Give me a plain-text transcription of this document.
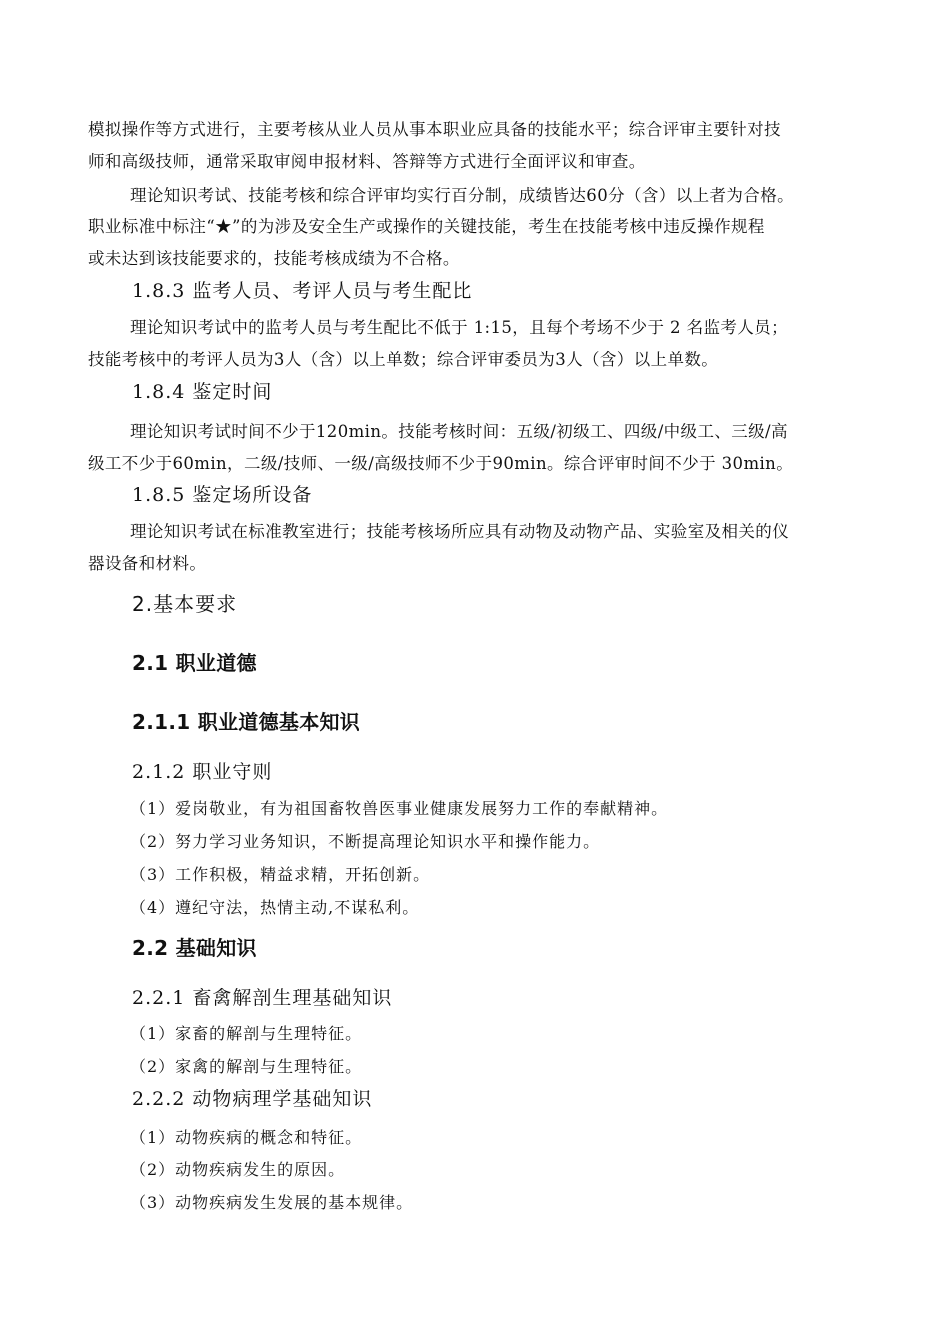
模拟操作等方式进行，主要考核从业人员从事本职业应具备的技能水平；综合评审主要针对技
师和高级技师，通常采取审阅申报材料、答辩等方式进行全面评议和审查。
理论知识考试、技能考核和综合评审均实行百分制，成绩皆达60分（含）以上者为合格。
职业标准中标注“★”的为涉及安全生产或操作的关键技能，考生在技能考核中违反操作规程
或未达到该技能要求的，技能考核成绩为不合格。
1.8.3 监考人员、考评人员与考生配比
理论知识考试中的监考人员与考生配比不低于 1:15，且每个考场不少于 2 名监考人员；
技能考核中的考评人员为3人（含）以上单数；综合评审委员为3人（含）以上单数。
1.8.4 鉴定时间
理论知识考试时间不少于120min。技能考核时间：五级/初级工、四级/中级工、三级/高
级工不少于60min，二级/技师、一级/高级技师不少于90min。综合评审时间不少于 30min。
1.8.5 鉴定场所设备
理论知识考试在标准教室进行；技能考核场所应具有动物及动物产品、实验室及相关的仪
器设备和材料。
2.基本要求
2.1 职业道德
2.1.1 职业道德基本知识
2.1.2 职业守则
（1）爱岗敬业，有为祖国畜牧兽医事业健康发展努力工作的奉献精神。
（2）努力学习业务知识，不断提高理论知识水平和操作能力。
（3）工作积极，精益求精，开拓创新。
（4）遵纪守法，热情主动,不谋私利。
2.2 基础知识
2.2.1 畜禽解剖生理基础知识
（1）家畜的解剖与生理特征。
（2）家禽的解剖与生理特征。
2.2.2 动物病理学基础知识
（1）动物疾病的概念和特征。
（2）动物疾病发生的原因。
（3）动物疾病发生发展的基本规律。
